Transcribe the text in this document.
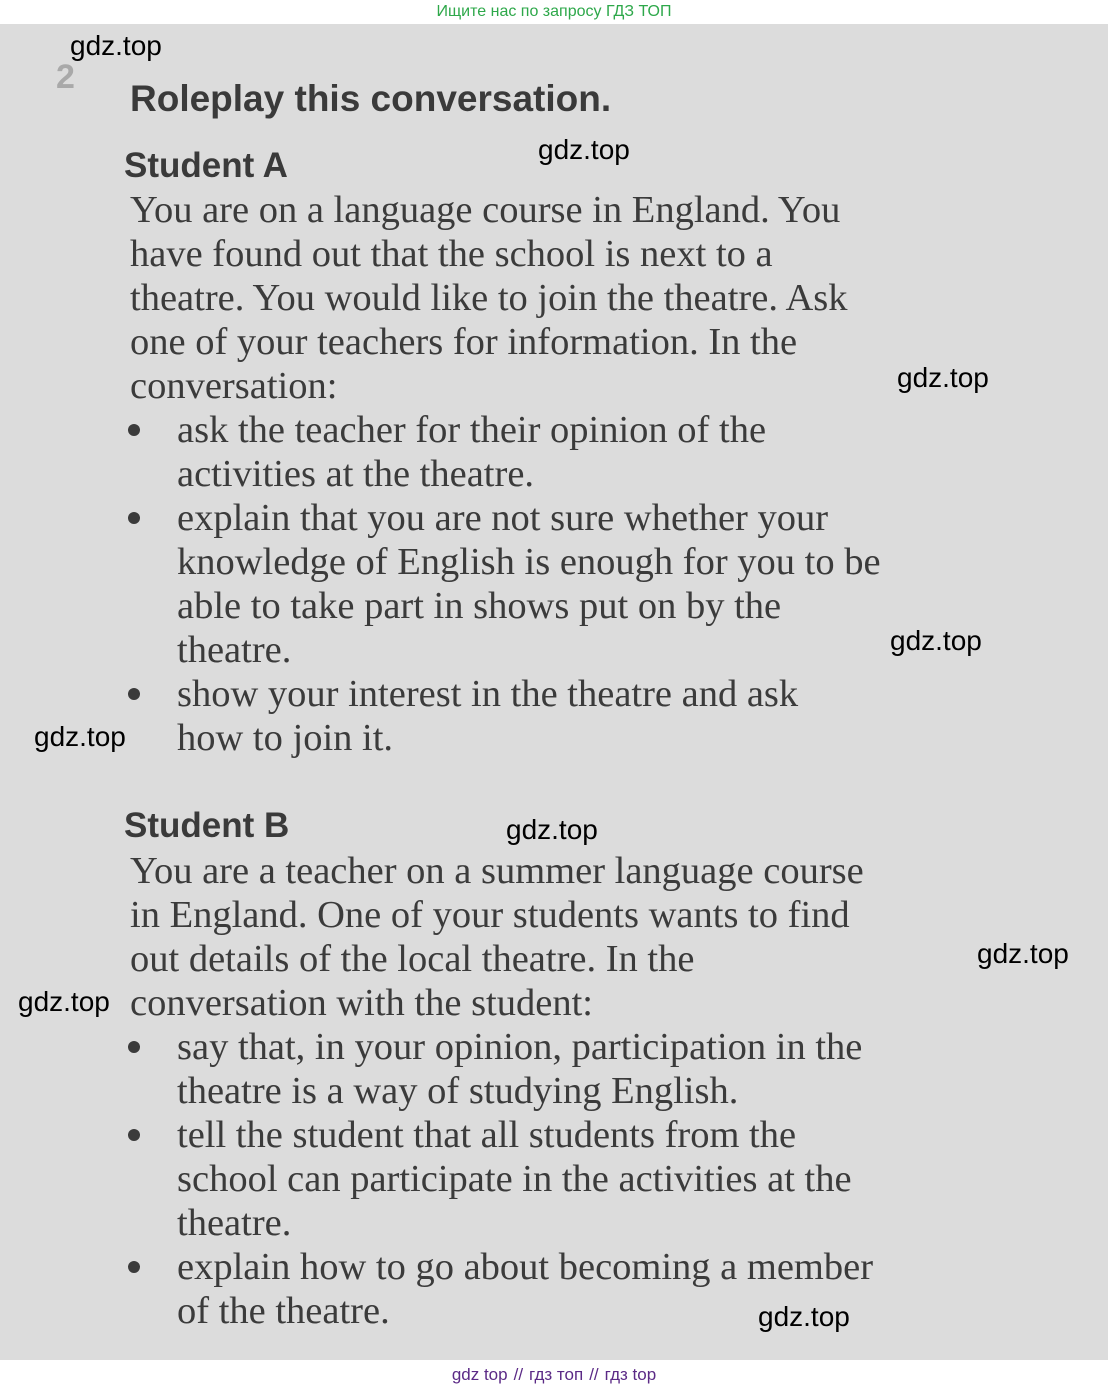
Ищите нас по запросу ГДЗ ТОП
2
Roleplay this conversation.
Student A

You are on a language course in England. You
have found out that the school is next to a
theatre. You would like to join the theatre. Ask
one of your teachers for information. In the
conversation:

ask the teacher for their opinion of the
activities at the theatre.
explain that you are not sure whether your
knowledge of English is enough for you to be
able to take part in shows put on by the
theatre.
show your interest in the theatre and ask
how to join it.
Student B

You are a teacher on a summer language course
in England. One of your students wants to find
out details of the local theatre. In the
conversation with the student:

say that, in your opinion, participation in the
theatre is a way of studying English.
tell the student that all students from the
school can participate in the activities at the
theatre.
explain how to go about becoming a member
of the theatre.
gdz.top
gdz.top
gdz.top
gdz.top
gdz.top
gdz.top
gdz.top
gdz.top
gdz.top
gdz top // гдз топ // гдз top
